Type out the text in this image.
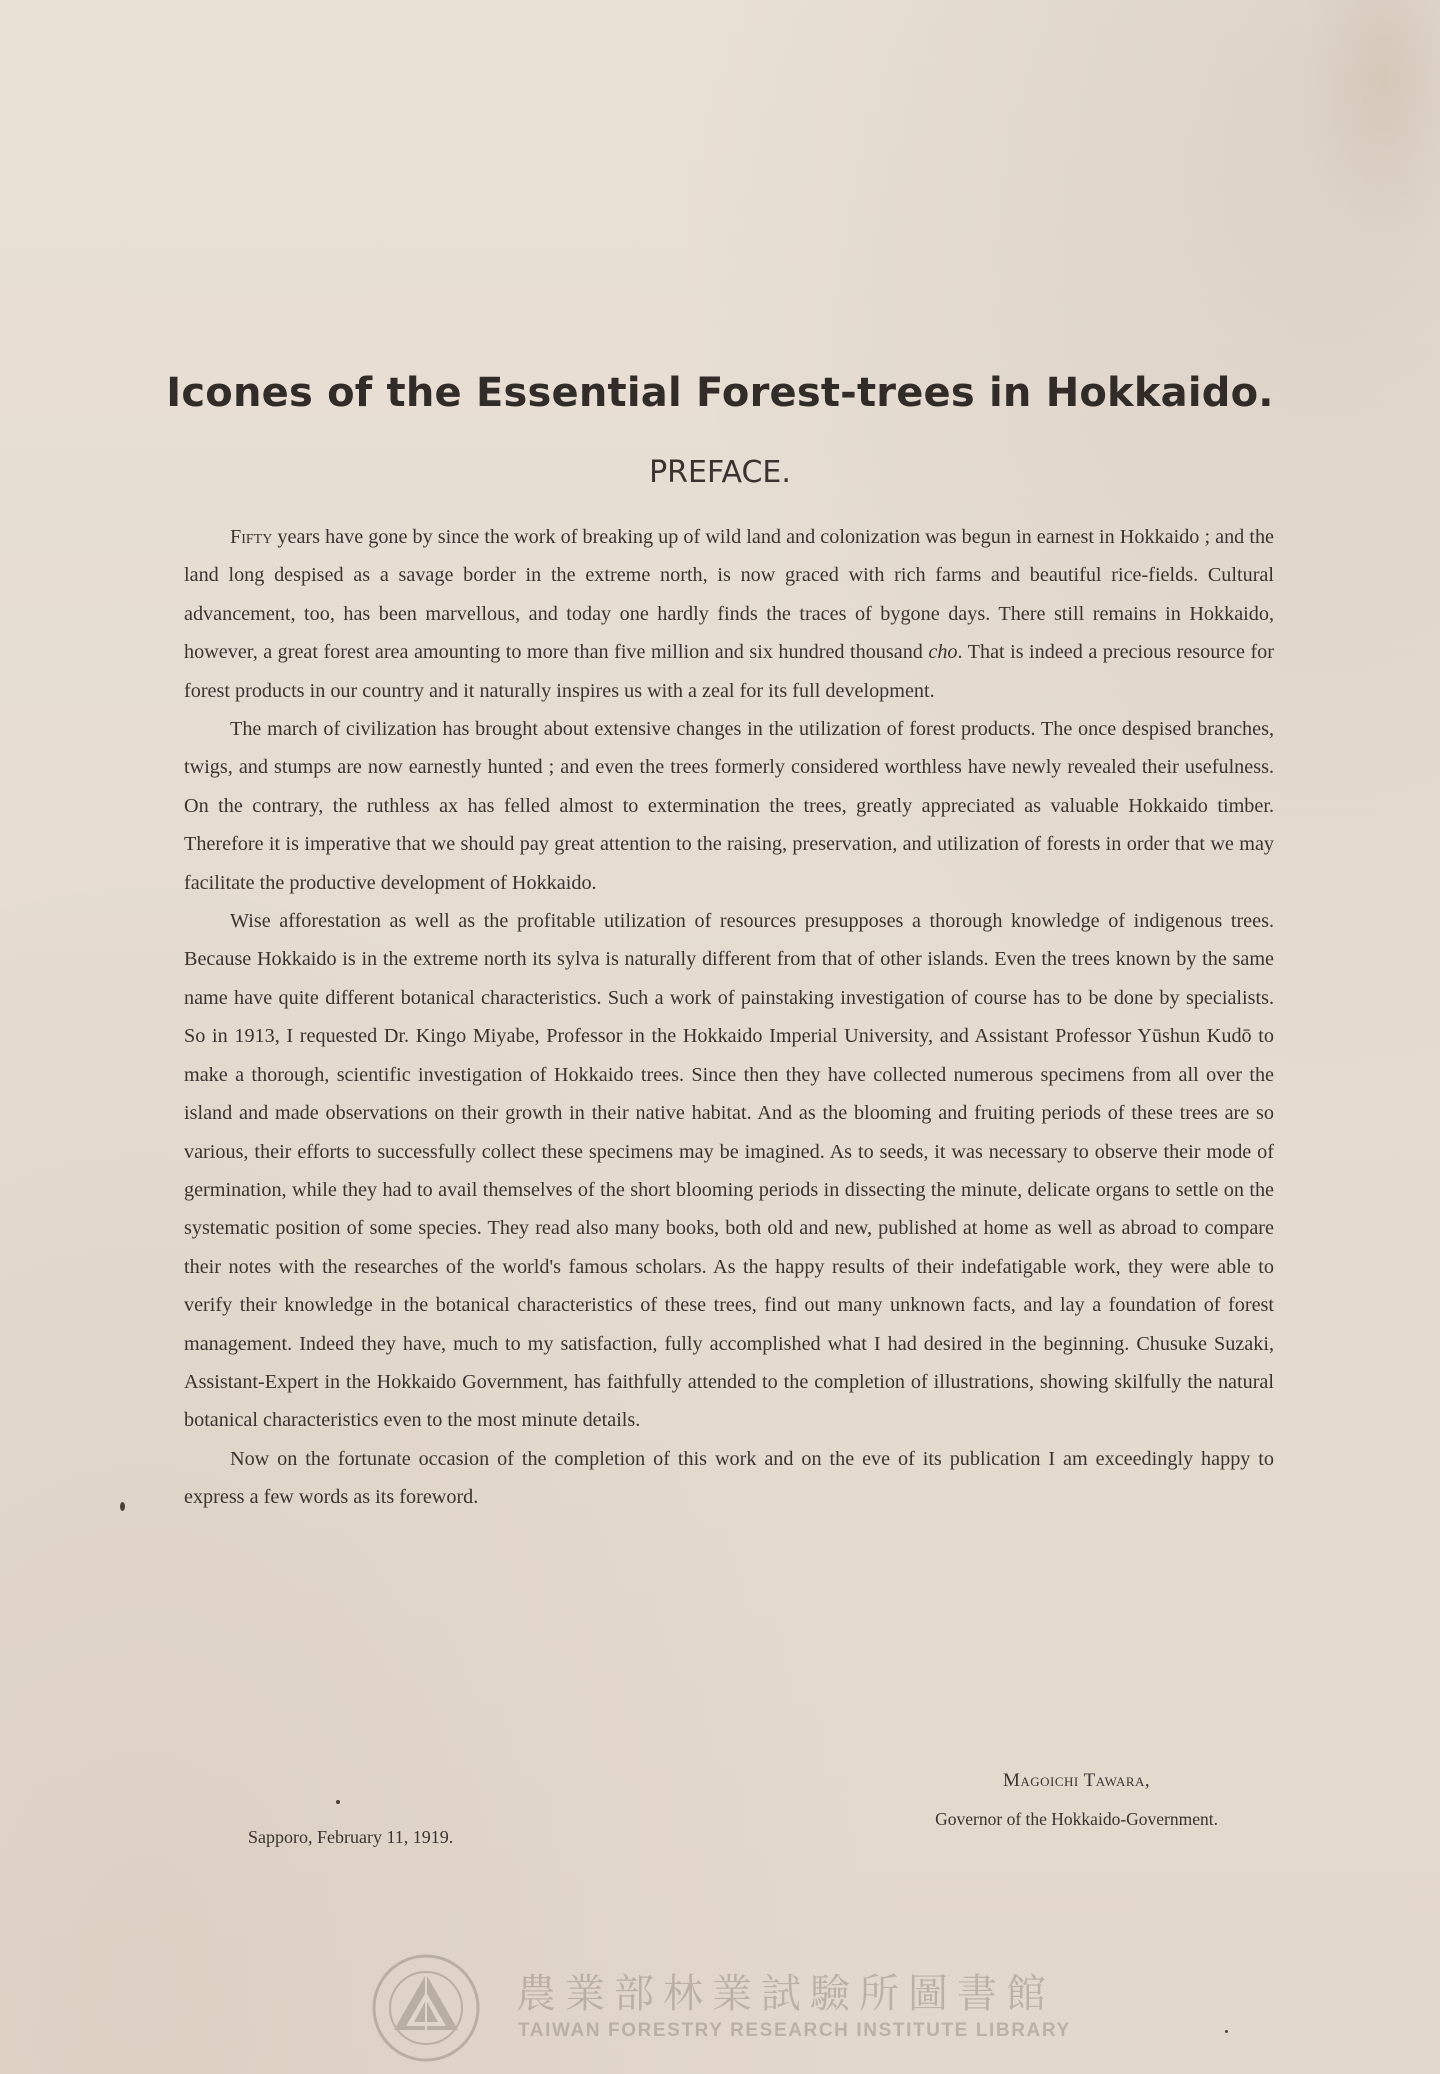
Icones of the Essential Forest-trees in Hokkaido.
PREFACE.

Fifty years have gone by since the work of breaking up of wild land and colonization was begun in earnest in Hokkaido ; and the land long despised as a savage border in the extreme north, is now graced with rich farms and beautiful rice-fields. Cultural advancement, too, has been marvellous, and today one hardly finds the traces of bygone days. There still remains in Hokkaido, however, a great forest area amounting to more than five million and six hundred thousand cho. That is indeed a precious resource for forest products in our country and it naturally inspires us with a zeal for its full development.

The march of civilization has brought about extensive changes in the utilization of forest products. The once despised branches, twigs, and stumps are now earnestly hunted ; and even the trees formerly considered worthless have newly revealed their usefulness. On the contrary, the ruthless ax has felled almost to extermination the trees, greatly appreciated as valuable Hokkaido timber. Therefore it is imperative that we should pay great attention to the raising, preservation, and utilization of forests in order that we may facilitate the productive development of Hokkaido.

Wise afforestation as well as the profitable utilization of resources presupposes a thorough knowledge of indigenous trees. Because Hokkaido is in the extreme north its sylva is naturally different from that of other islands. Even the trees known by the same name have quite different botanical characteristics. Such a work of painstaking investigation of course has to be done by specialists. So in 1913, I requested Dr. Kingo Miyabe, Professor in the Hokkaido Imperial University, and Assistant Professor Yūshun Kudō to make a thorough, scientific investigation of Hokkaido trees. Since then they have collected numerous specimens from all over the island and made observations on their growth in their native habitat. And as the blooming and fruiting periods of these trees are so various, their efforts to successfully collect these specimens may be imagined. As to seeds, it was necessary to observe their mode of germination, while they had to avail themselves of the short blooming periods in dissecting the minute, delicate organs to settle on the systematic position of some species. They read also many books, both old and new, published at home as well as abroad to compare their notes with the researches of the world's famous scholars. As the happy results of their indefatigable work, they were able to verify their knowledge in the botanical characteristics of these trees, find out many unknown facts, and lay a foundation of forest management. Indeed they have, much to my satisfaction, fully accomplished what I had desired in the beginning. Chusuke Suzaki, Assistant-Expert in the Hokkaido Government, has faithfully attended to the completion of illustrations, showing skilfully the natural botanical characteristics even to the most minute details.

Now on the fortunate occasion of the completion of this work and on the eve of its publication I am exceedingly happy to express a few words as its foreword.

Magoichi Tawara,
Governor of the Hokkaido-Government.
Sapporo, February 11, 1919.
農業部林業試驗所圖書館
TAIWAN FORESTRY RESEARCH INSTITUTE LIBRARY
